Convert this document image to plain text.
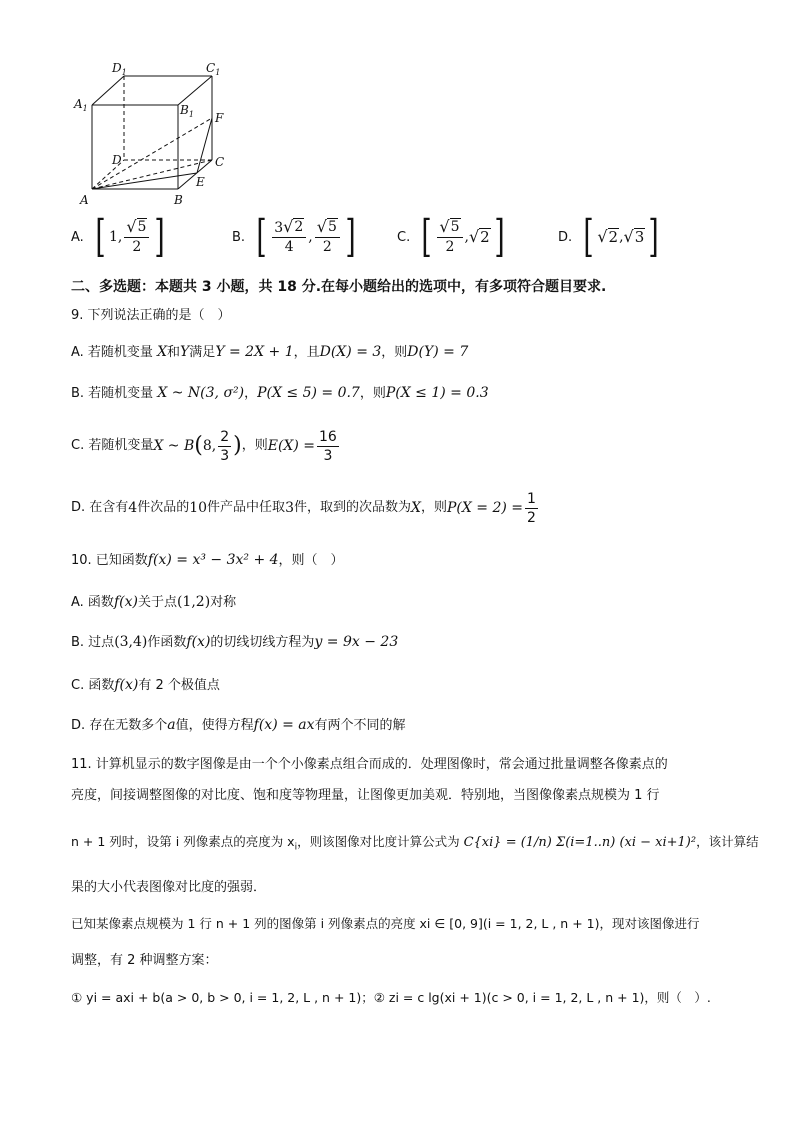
$D_1$	$C_1$
$A_1$	$B_1$ F
D	C
E
A	B
A. [ 1, $\frac{√ 5}{2}$ ]	B. [ $\frac{3 √ 2}{4}$ , $\frac{√ 5}{2}$ ]	C. [ $\frac{√ 5}{2}$ , √ 2 ]	D. [ √ 2 , √ 3 ]
二、多选题：本题共 3 小题，共 18 分.在每小题给出的选项中，有多项符合题目要求.
9. 下列说法正确的是（　）
A. 若随机变量 X和Y满足Y = 2X + 1，且D(X) = 3，则D(Y) = 7
B. 若随机变量 X ~ N(3, σ²)，P(X ≤ 5) = 0.7，则P(X ≤ 1) = 0.3
C. 若随机变量 X ~ B ( 8, $\frac{2}{3}$ ) ，则 $E(X) = \frac{16}{3}$
D. 在含有 4 件次品的 10 件产品中任取 3 件，取到的次品数为 X ，则 $P(X = 2) = \frac{1}{2}$
10. 已知函数f(x) = x³ − 3x² + 4，则（　）
A. 函数f(x)关于点(1,2)对称
B. 过点(3,4)作函数f(x)的切线切线方程为y = 9x − 23
C. 函数f(x)有 2 个极值点
D. 存在无数多个a值，使得方程f(x) = ax有两个不同的解
11. 计算机显示的数字图像是由一个个小像素点组合而成的．处理图像时，常会通过批量调整各像素点的
亮度，间接调整图像的对比度、饱和度等物理量，让图像更加美观．特别地，当图像像素点规模为 1 行
n + 1 列时，设第 i 列像素点的亮度为 $x_i$，则该图像对比度计算公式为 C{xi} = (1/n) Σ(i=1..n) (xi − xi+1)²，该计算结
果的大小代表图像对比度的强弱．
已知某像素点规模为 1 行 n + 1 列的图像第 i 列像素点的亮度 xi ∈ [0, 9](i = 1, 2, L , n + 1)，现对该图像进行
调整，有 2 种调整方案：
① yi = axi + b(a > 0, b > 0, i = 1, 2, L , n + 1)；② zi = c lg(xi + 1)(c > 0, i = 1, 2, L , n + 1)，则（　）.
